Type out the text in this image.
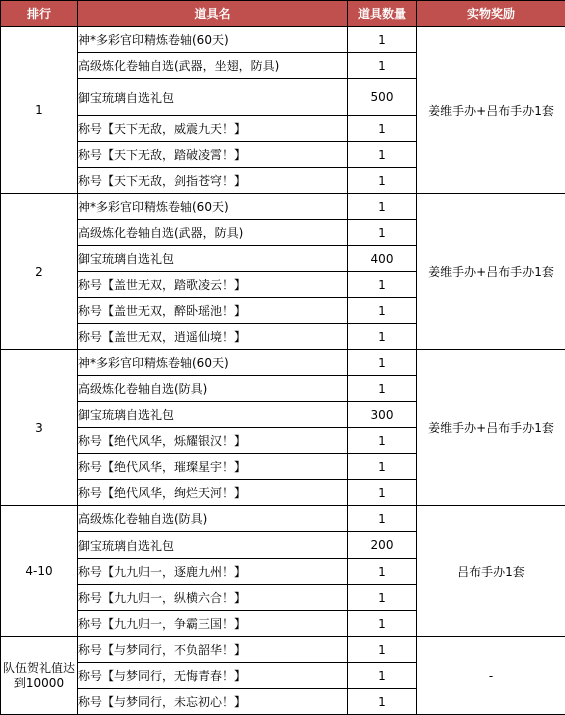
排行	道具名	道具数量	实物奖励
1	神*多彩官印精炼卷轴(60天)	1	姜维手办+吕布手办1套
	高级炼化卷轴自选(武器，坐翅，防具)	1	
	御宝琉璃自选礼包	500	
	称号【天下无敌，威震九天！】	1	
	称号【天下无敌，踏破凌霄！】	1	
	称号【天下无敌，剑指苍穹！】	1	
2	神*多彩官印精炼卷轴(60天)	1	姜维手办+吕布手办1套
	高级炼化卷轴自选(武器，防具)	1	
	御宝琉璃自选礼包	400	
	称号【盖世无双，踏歌凌云！】	1	
	称号【盖世无双，醉卧瑶池！】	1	
	称号【盖世无双，逍遥仙境！】	1	
3	神*多彩官印精炼卷轴(60天)	1	姜维手办+吕布手办1套
	高级炼化卷轴自选(防具)	1	
	御宝琉璃自选礼包	300	
	称号【绝代风华，烁耀银汉！】	1	
	称号【绝代风华，璀璨星宇！】	1	
	称号【绝代风华，绚烂天河！】	1	
4-10	高级炼化卷轴自选(防具)	1	吕布手办1套
	御宝琉璃自选礼包	200	
	称号【九九归一，逐鹿九州！】	1	
	称号【九九归一，纵横六合！】	1	
	称号【九九归一，争霸三国！】	1	
队伍贺礼值达到10000	称号【与梦同行，不负韶华！】	1	-
	称号【与梦同行，无悔青春！】	1	
	称号【与梦同行，未忘初心！】	1	
